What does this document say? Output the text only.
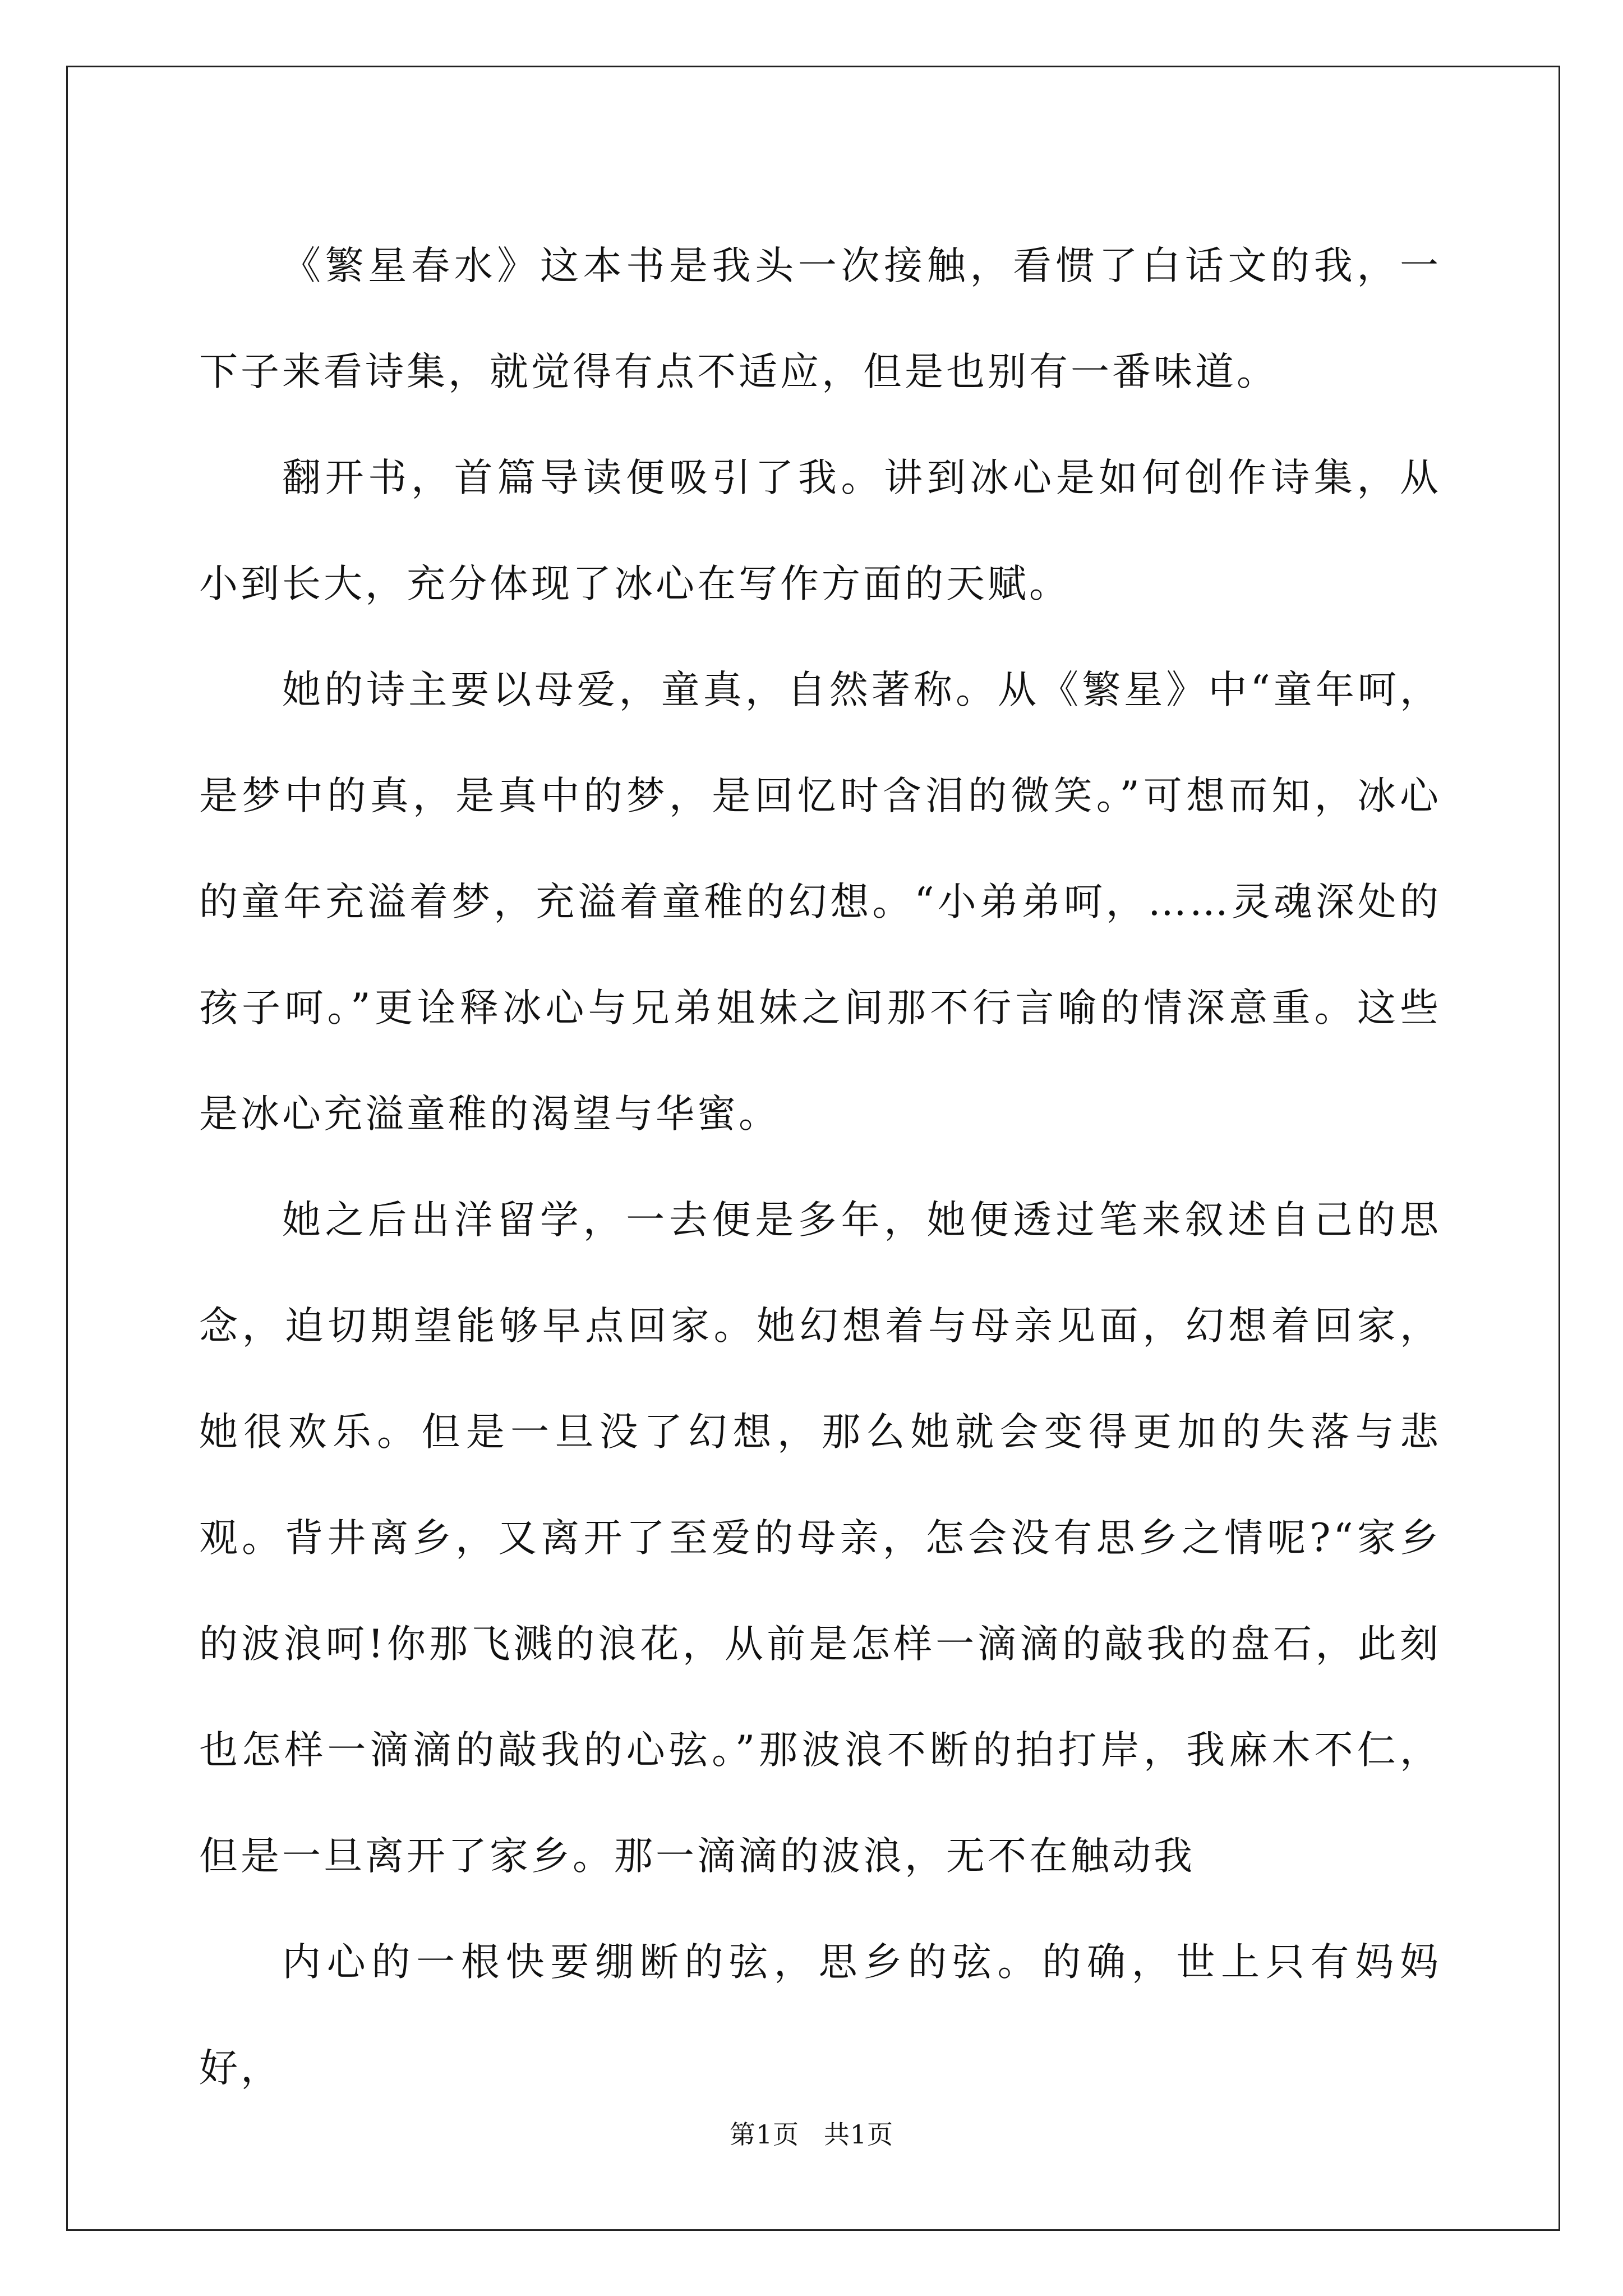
《繁星春水》这本书是我头一次接触，看惯了白话文的我，一下子来看诗集，就觉得有点不适应，但是也别有一番味道。

翻开书，首篇导读便吸引了我。讲到冰心是如何创作诗集，从小到长大，充分体现了冰心在写作方面的天赋。

她的诗主要以母爱，童真，自然著称。从《繁星》中“童年呵，是梦中的真，是真中的梦，是回忆时含泪的微笑。”可想而知，冰心的童年充溢着梦，充溢着童稚的幻想。“小弟弟呵，……灵魂深处的孩子呵。”更诠释冰心与兄弟姐妹之间那不行言喻的情深意重。这些是冰心充溢童稚的渴望与华蜜。

她之后出洋留学，一去便是多年，她便透过笔来叙述自己的思念，迫切期望能够早点回家。她幻想着与母亲见面，幻想着回家，她很欢乐。但是一旦没了幻想，那么她就会变得更加的失落与悲观。背井离乡，又离开了至爱的母亲，怎会没有思乡之情呢?“家乡的波浪呵!你那飞溅的浪花，从前是怎样一滴滴的敲我的盘石，此刻也怎样一滴滴的敲我的心弦。”那波浪不断的拍打岸，我麻木不仁，但是一旦离开了家乡。那一滴滴的波浪，无不在触动我

内心的一根快要绷断的弦，思乡的弦。的确，世上只有妈妈好，

第1页 共1页
